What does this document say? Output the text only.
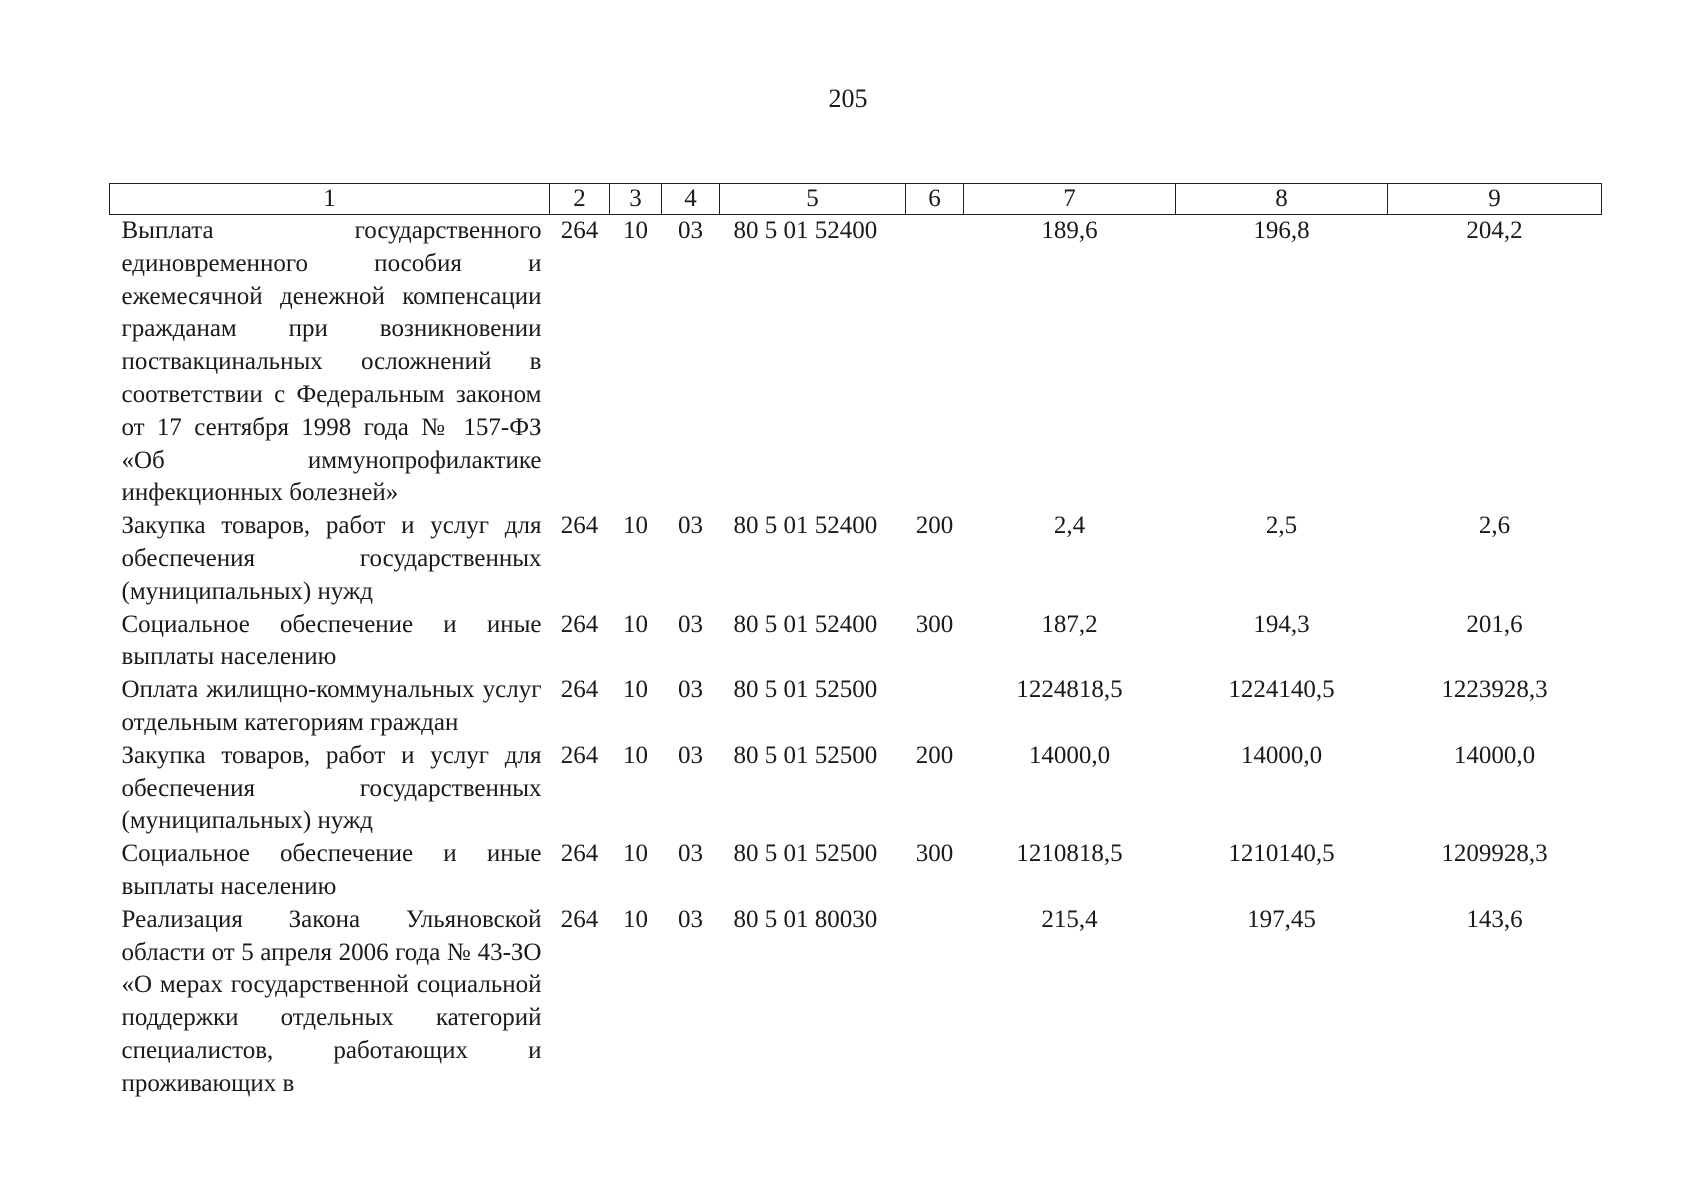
205
1	2	3	4	5	6	7	8	9
Выплата государственного единовременного пособия и ежемесячной денежной компенсации гражданам при возникновении поствакцинальных осложнений в соответствии с Федеральным законом от 17 сентября 1998 года № 157-ФЗ «Об иммунопрофилактике инфекционных болезней»	264	10	03	80 5 01 52400		189,6	196,8	204,2
Закупка товаров, работ и услуг для обеспечения государственных (муниципальных) нужд	264	10	03	80 5 01 52400	200	2,4	2,5	2,6
Социальное обеспечение и иные выплаты населению	264	10	03	80 5 01 52400	300	187,2	194,3	201,6
Оплата жилищно-коммунальных услуг отдельным категориям граждан	264	10	03	80 5 01 52500		1224818,5	1224140,5	1223928,3
Закупка товаров, работ и услуг для обеспечения государственных (муниципальных) нужд	264	10	03	80 5 01 52500	200	14000,0	14000,0	14000,0
Социальное обеспечение и иные выплаты населению	264	10	03	80 5 01 52500	300	1210818,5	1210140,5	1209928,3
Реализация Закона Ульяновской области от 5 апреля 2006 года № 43-ЗО «О мерах государственной социальной поддержки отдельных категорий специалистов, работающих и проживающих в	264	10	03	80 5 01 80030		215,4	197,45	143,6
